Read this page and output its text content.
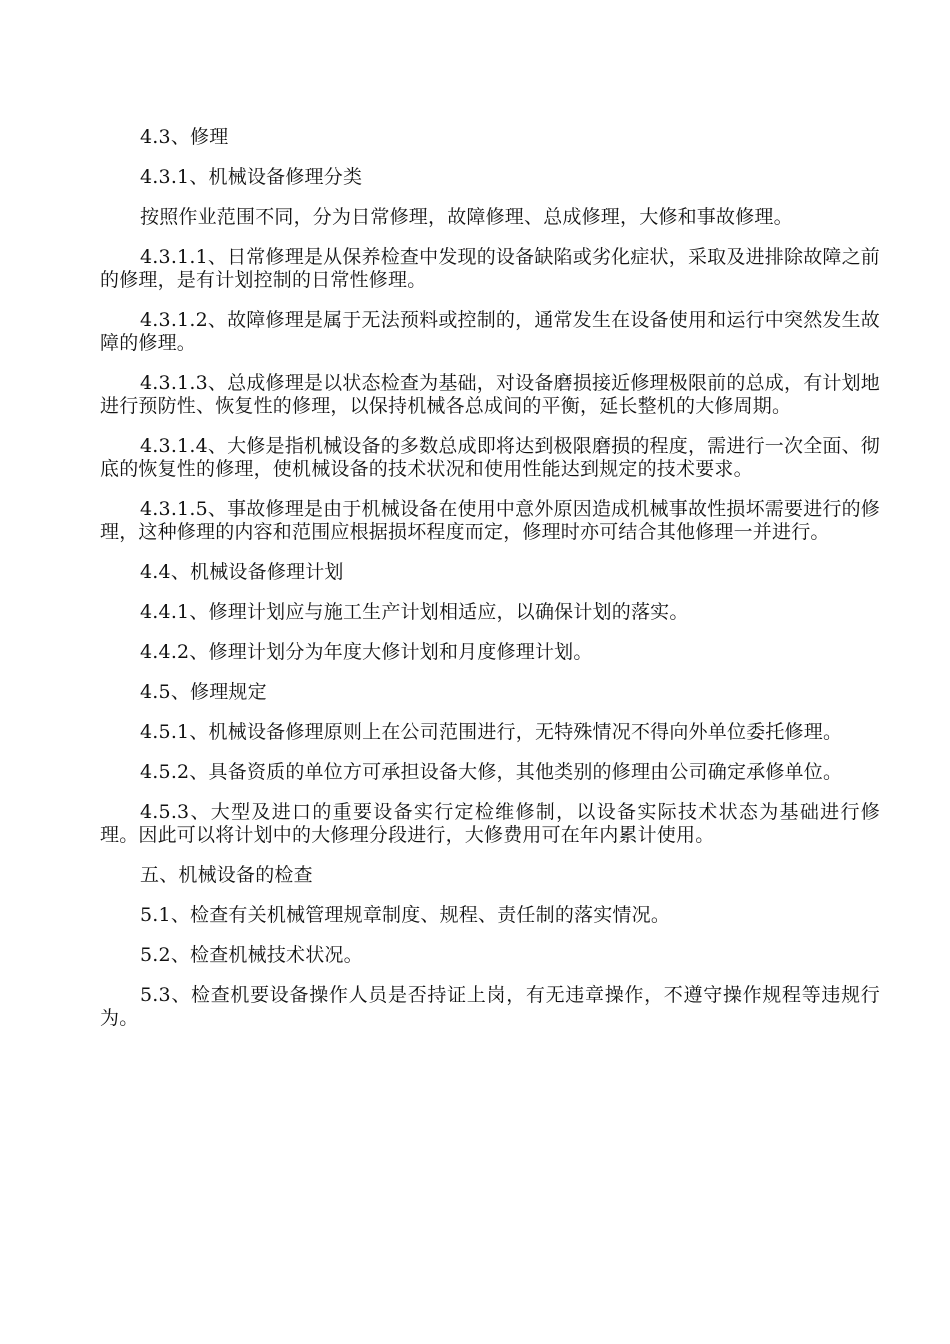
4.3、修理

4.3.1、机械设备修理分类

按照作业范围不同，分为日常修理，故障修理、总成修理，大修和事故修理。

4.3.1.1、日常修理是从保养检查中发现的设备缺陷或劣化症状，采取及进排除故障之前的修理，是有计划控制的日常性修理。

4.3.1.2、故障修理是属于无法预料或控制的，通常发生在设备使用和运行中突然发生故障的修理。

4.3.1.3、总成修理是以状态检查为基础，对设备磨损接近修理极限前的总成，有计划地进行预防性、恢复性的修理，以保持机械各总成间的平衡，延长整机的大修周期。

4.3.1.4、大修是指机械设备的多数总成即将达到极限磨损的程度，需进行一次全面、彻底的恢复性的修理，使机械设备的技术状况和使用性能达到规定的技术要求。

4.3.1.5、事故修理是由于机械设备在使用中意外原因造成机械事故性损坏需要进行的修理，这种修理的内容和范围应根据损坏程度而定，修理时亦可结合其他修理一并进行。

4.4、机械设备修理计划

4.4.1、修理计划应与施工生产计划相适应，以确保计划的落实。

4.4.2、修理计划分为年度大修计划和月度修理计划。

4.5、修理规定

4.5.1、机械设备修理原则上在公司范围进行，无特殊情况不得向外单位委托修理。

4.5.2、具备资质的单位方可承担设备大修，其他类别的修理由公司确定承修单位。

4.5.3、大型及进口的重要设备实行定检维修制，以设备实际技术状态为基础进行修理。因此可以将计划中的大修理分段进行，大修费用可在年内累计使用。

五、机械设备的检查

5.1、检查有关机械管理规章制度、规程、责任制的落实情况。

5.2、检查机械技术状况。

5.3、检查机要设备操作人员是否持证上岗，有无违章操作，不遵守操作规程等违规行为。
